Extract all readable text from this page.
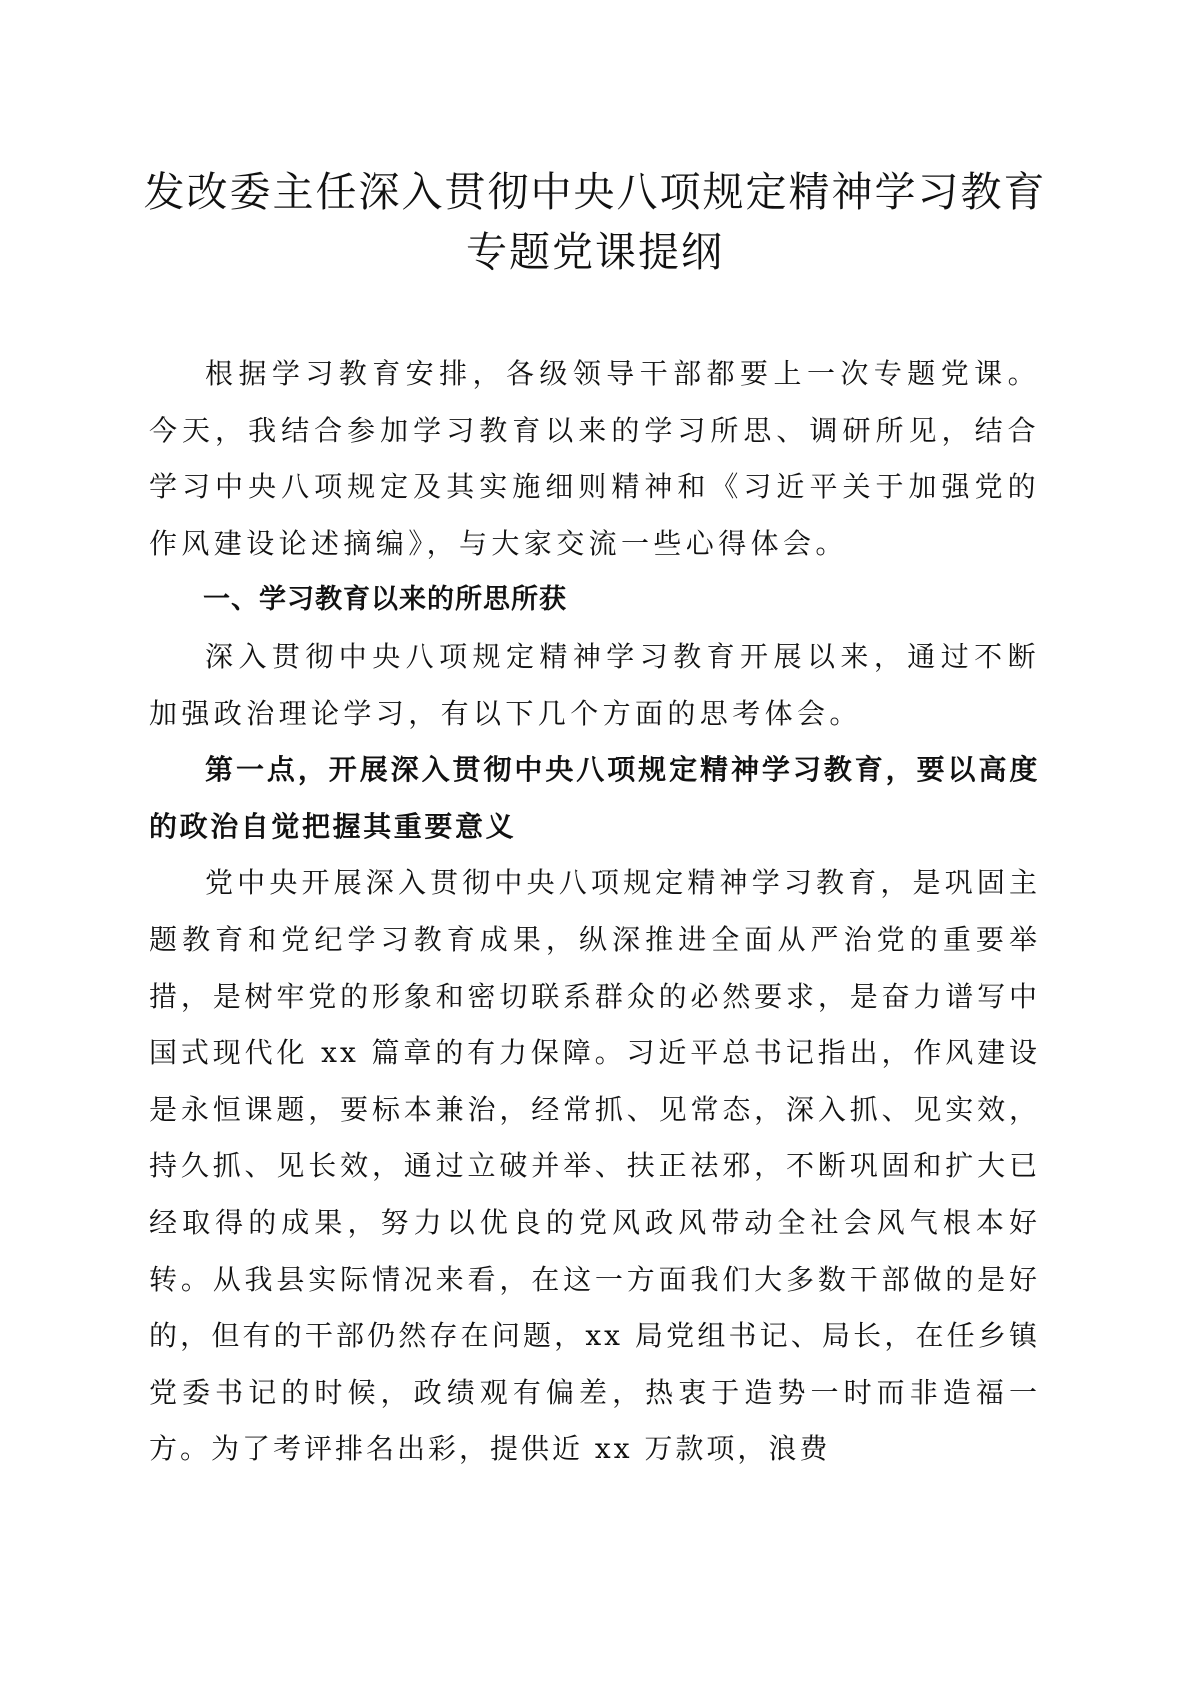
发改委主任深入贯彻中央八项规定精神学习教育专题党课提纲

根据学习教育安排，各级领导干部都要上一次专题党课。今天，我结合参加学习教育以来的学习所思、调研所见，结合学习中央八项规定及其实施细则精神和《习近平关于加强党的作风建设论述摘编》，与大家交流一些心得体会。

一、学习教育以来的所思所获

深入贯彻中央八项规定精神学习教育开展以来，通过不断加强政治理论学习，有以下几个方面的思考体会。

第一点，开展深入贯彻中央八项规定精神学习教育，要以高度的政治自觉把握其重要意义

党中央开展深入贯彻中央八项规定精神学习教育，是巩固主题教育和党纪学习教育成果，纵深推进全面从严治党的重要举措，是树牢党的形象和密切联系群众的必然要求，是奋力谱写中国式现代化 xx 篇章的有力保障。习近平总书记指出，作风建设是永恒课题，要标本兼治，经常抓、见常态，深入抓、见实效，持久抓、见长效，通过立破并举、扶正祛邪，不断巩固和扩大已经取得的成果，努力以优良的党风政风带动全社会风气根本好转。从我县实际情况来看，在这一方面我们大多数干部做的是好的，但有的干部仍然存在问题，xx 局党组书记、局长，在任乡镇党委书记的时候，政绩观有偏差，热衷于造势一时而非造福一方。为了考评排名出彩，提供近 xx 万款项，浪费
